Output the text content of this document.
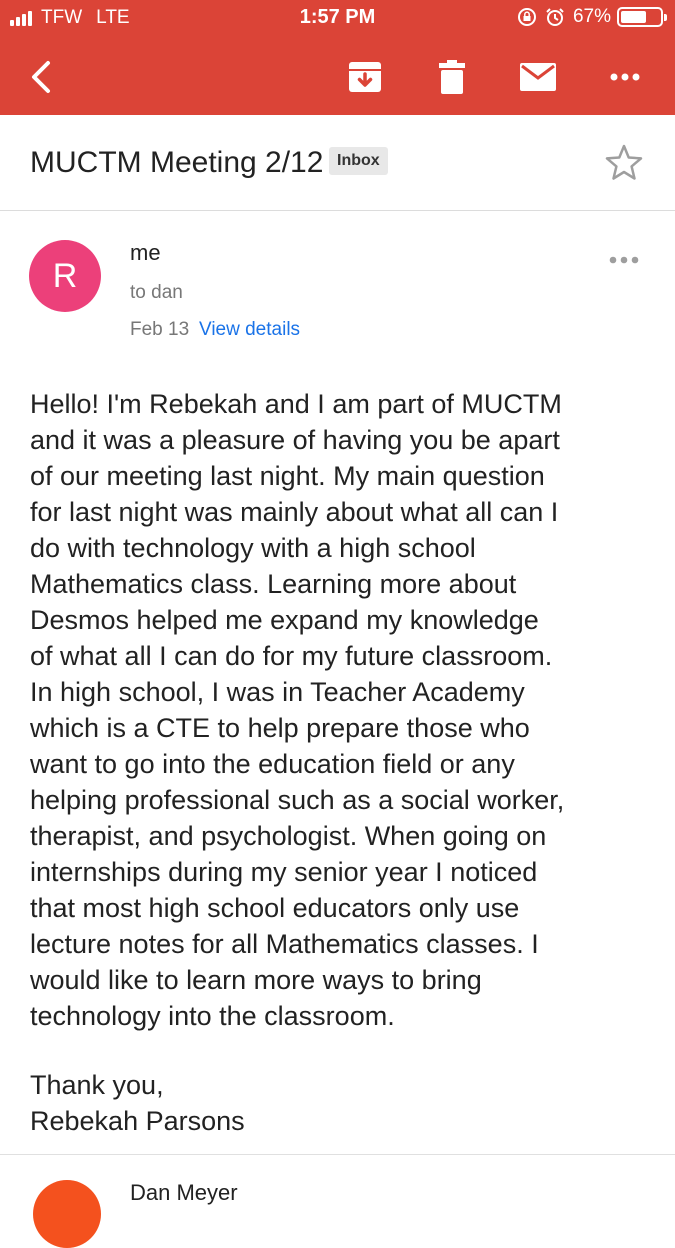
TFW LTE	1:57 PM	67%
MUCTM Meeting 2/12 Inbox
R
me
to dan
Feb 13 View details
Hello! I'm Rebekah and I am part of MUCTM
and it was a pleasure of having you be apart
of our meeting last night. My main question
for last night was mainly about what all can I
do with technology with a high school
Mathematics class. Learning more about
Desmos helped me expand my knowledge
of what all I can do for my future classroom.
In high school, I was in Teacher Academy
which is a CTE to help prepare those who
want to go into the education field or any
helping professional such as a social worker,
therapist, and psychologist. When going on
internships during my senior year I noticed
that most high school educators only use
lecture notes for all Mathematics classes. I
would like to learn more ways to bring
technology into the classroom.
Thank you,
Rebekah Parsons
Dan Meyer
